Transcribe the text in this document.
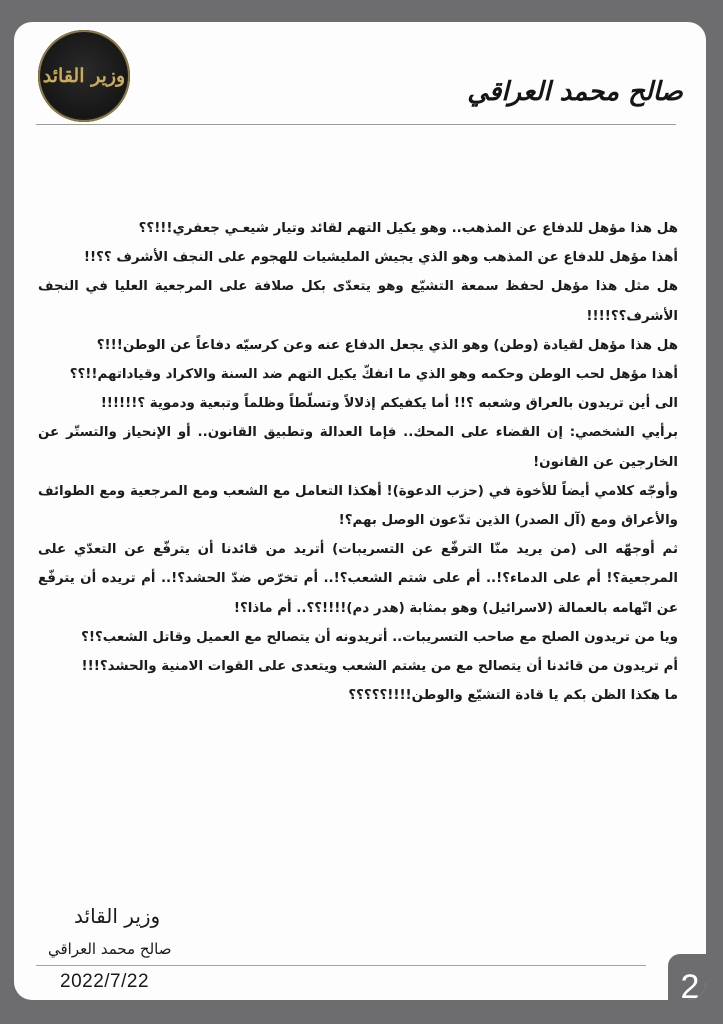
وزير القائد
صالح محمد العراقي

هل هذا مؤهل للدفاع عن المذهب.. وهو يكيل التهم لقائد وتيار شيعـي جعفري!!!؟؟

أهذا مؤهل للدفاع عن المذهب وهو الذي يجيش المليشيات للهجوم على النجف الأشرف ؟؟!!

هل مثل هذا مؤهل لحفظ سمعة التشيّع وهو يتعدّى بكل صلافة على المرجعية العليا في النجف الأشرف؟؟!!!!

هل هذا مؤهل لقيادة (وطن) وهو الذي يجعل الدفاع عنه وعن كرسيّه دفاعاً عن الوطن!!!؟

أهذا مؤهل لحب الوطن وحكمه وهو الذي ما انفكّ يكيل التهم ضد السنة والاكراد وقياداتهم!!؟؟

الى أين تريدون بالعراق وشعبه ؟!! أما يكفيكم إذلالاً وتسلّطاً وظلماً وتبعية ودموية ؟!!!!!!

برأيي الشخصي: إن القضاء على المحك.. فإما العدالة وتطبيق القانون.. أو الإنحياز والتستّر عن الخارجين عن القانون!

وأوجّه كلامي أيضاً للأخوة في (حزب الدعوة)! أهكذا التعامل مع الشعب ومع المرجعية ومع الطوائف والأعراق ومع (آل الصدر) الذين تدّعون الوصل بهم؟!

ثم أوجهّه الى (من يريد منّا الترفّع عن التسريبات) أتريد من قائدنا أن يترفّع عن التعدّي على المرجعية؟! أم على الدماء؟!.. أم على شتم الشعب؟!.. أم تخرّص ضدّ الحشد؟!.. أم تريده أن يترفّع عن اتّهامه بالعمالة (لاسرائيل) وهو بمثابة (هدر دم)!!!!؟؟.. أم ماذا؟!

ويا من تريدون الصلح مع صاحب التسريبات.. أتريدونه أن يتصالح مع العميل وقاتل الشعب؟!؟

أم تريدون من قائدنا أن يتصالح مع من يشتم الشعب ويتعدى على القوات الامنية والحشد؟!!!

ما هكذا الظن بكم يا قادة التشيّع والوطن!!!!؟؟؟؟؟

وزير القائد
صالح محمد العراقي
2022/7/22	2
